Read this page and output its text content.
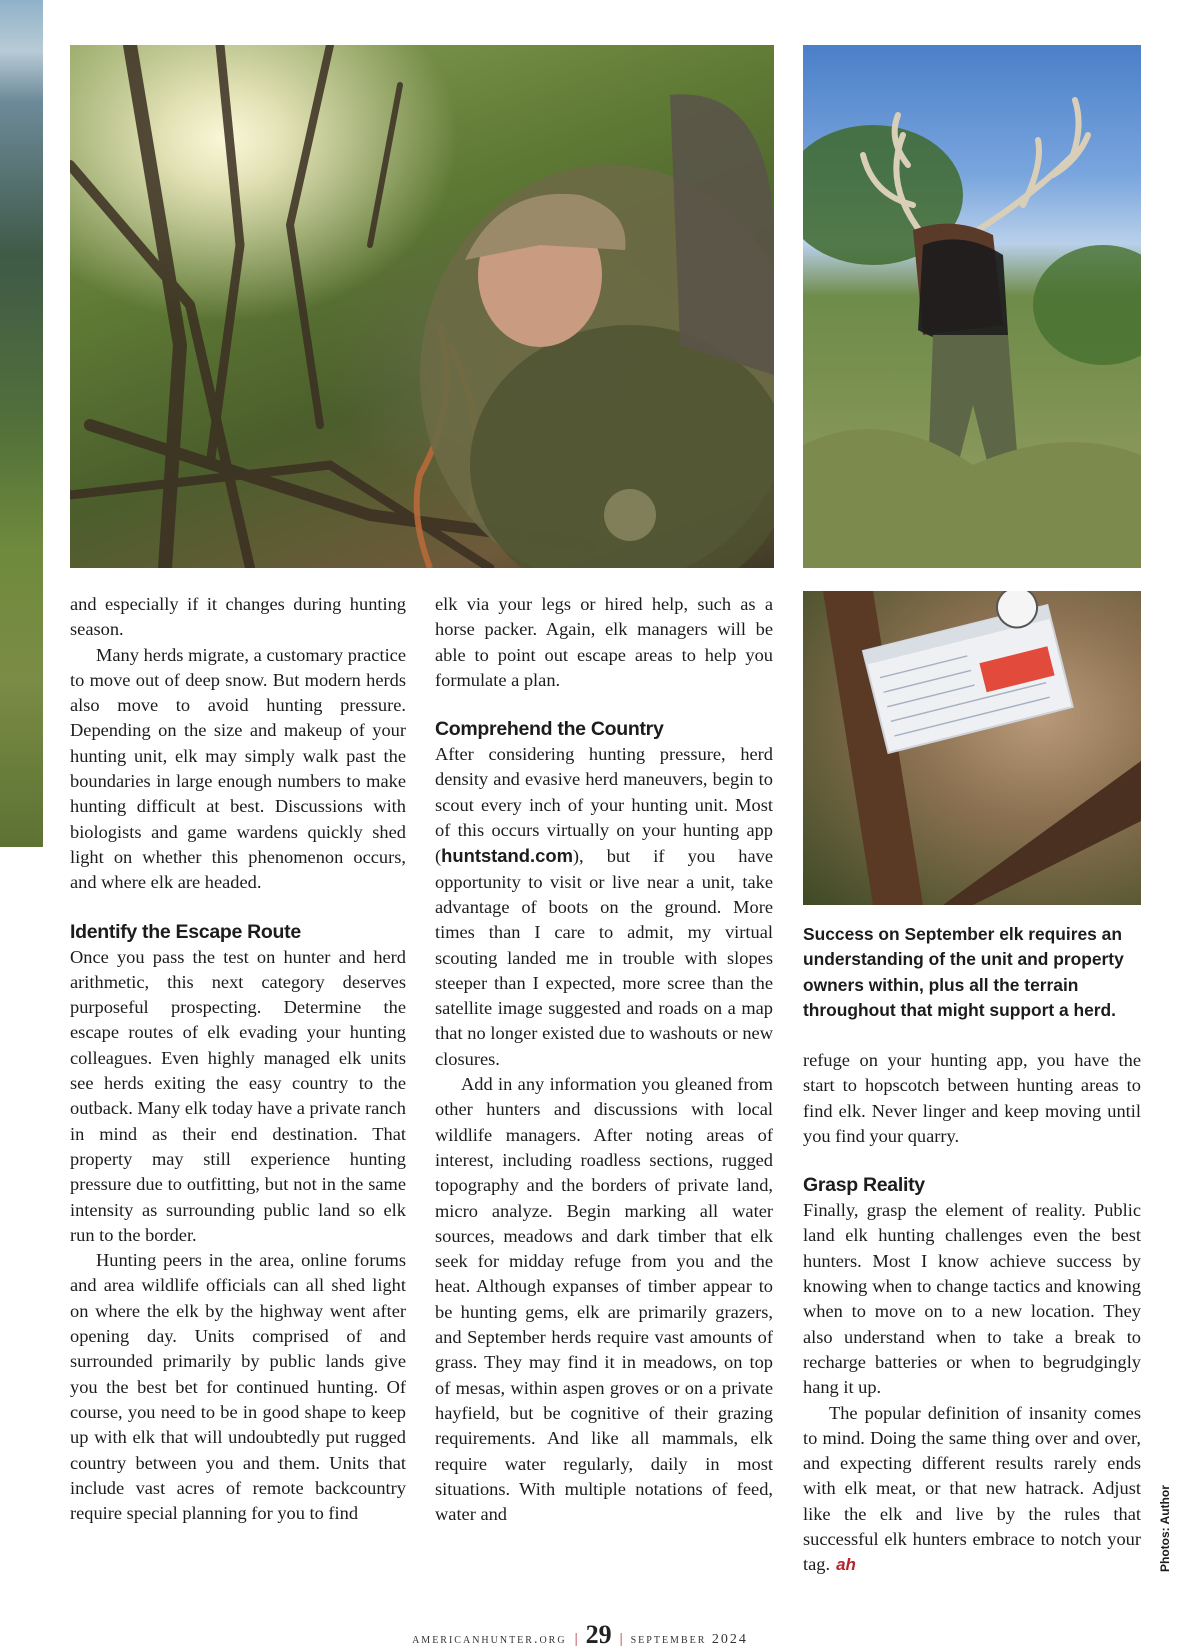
and especially if it changes during hunting season.

Many herds migrate, a customary practice to move out of deep snow. But modern herds also move to avoid hunting pressure. Depending on the size and makeup of your hunting unit, elk may simply walk past the boundaries in large enough numbers to make hunting difficult at best. Discussions with biologists and game wardens quickly shed light on whether this phenomenon occurs, and where elk are headed.

Identify the Escape Route

Once you pass the test on hunter and herd arithmetic, this next category deserves purposeful prospecting. Determine the escape routes of elk evading your hunting colleagues. Even highly managed elk units see herds exiting the easy country to the outback. Many elk today have a private ranch in mind as their end destination. That property may still experience hunting pressure due to outfitting, but not in the same intensity as surrounding public land so elk run to the border.

Hunting peers in the area, online forums and area wildlife officials can all shed light on where the elk by the highway went after opening day. Units comprised of and surrounded primarily by public lands give you the best bet for continued hunting. Of course, you need to be in good shape to keep up with elk that will undoubtedly put rugged country between you and them. Units that include vast acres of remote backcountry require special planning for you to find

elk via your legs or hired help, such as a horse packer. Again, elk managers will be able to point out escape areas to help you formulate a plan.

Comprehend the Country

After considering hunting pressure, herd density and evasive herd maneuvers, begin to scout every inch of your hunting unit. Most of this occurs virtually on your hunting app (huntstand.com), but if you have opportunity to visit or live near a unit, take advantage of boots on the ground. More times than I care to admit, my virtual scouting landed me in trouble with slopes steeper than I expected, more scree than the satellite image suggested and roads on a map that no longer existed due to washouts or new closures.

Add in any information you gleaned from other hunters and discussions with local wildlife managers. After noting areas of interest, including roadless sections, rugged topography and the borders of private land, micro analyze. Begin marking all water sources, meadows and dark timber that elk seek for midday refuge from you and the heat. Although expanses of timber appear to be hunting gems, elk are primarily grazers, and September herds require vast amounts of grass. They may find it in meadows, on top of mesas, within aspen groves or on a private hayfield, but be cognitive of their grazing requirements. And like all mammals, elk require water regularly, daily in most situations. With multiple notations of feed, water and

Success on September elk requires an understanding of the unit and property owners within, plus all the terrain throughout that might support a herd.

refuge on your hunting app, you have the start to hopscotch between hunting areas to find elk. Never linger and keep moving until you find your quarry.

Grasp Reality

Finally, grasp the element of reality. Public land elk hunting challenges even the best hunters. Most I know achieve success by knowing when to change tactics and knowing when to move on to a new location. They also understand when to take a break to recharge batteries or when to begrudgingly hang it up.

The popular definition of insanity comes to mind. Doing the same thing over and over, and expecting different results rarely ends with elk meat, or that new hatrack. Adjust like the elk and live by the rules that successful elk hunters embrace to notch your tag. ah	Photos: Author
americanhunter.org | 29 | september 2024
